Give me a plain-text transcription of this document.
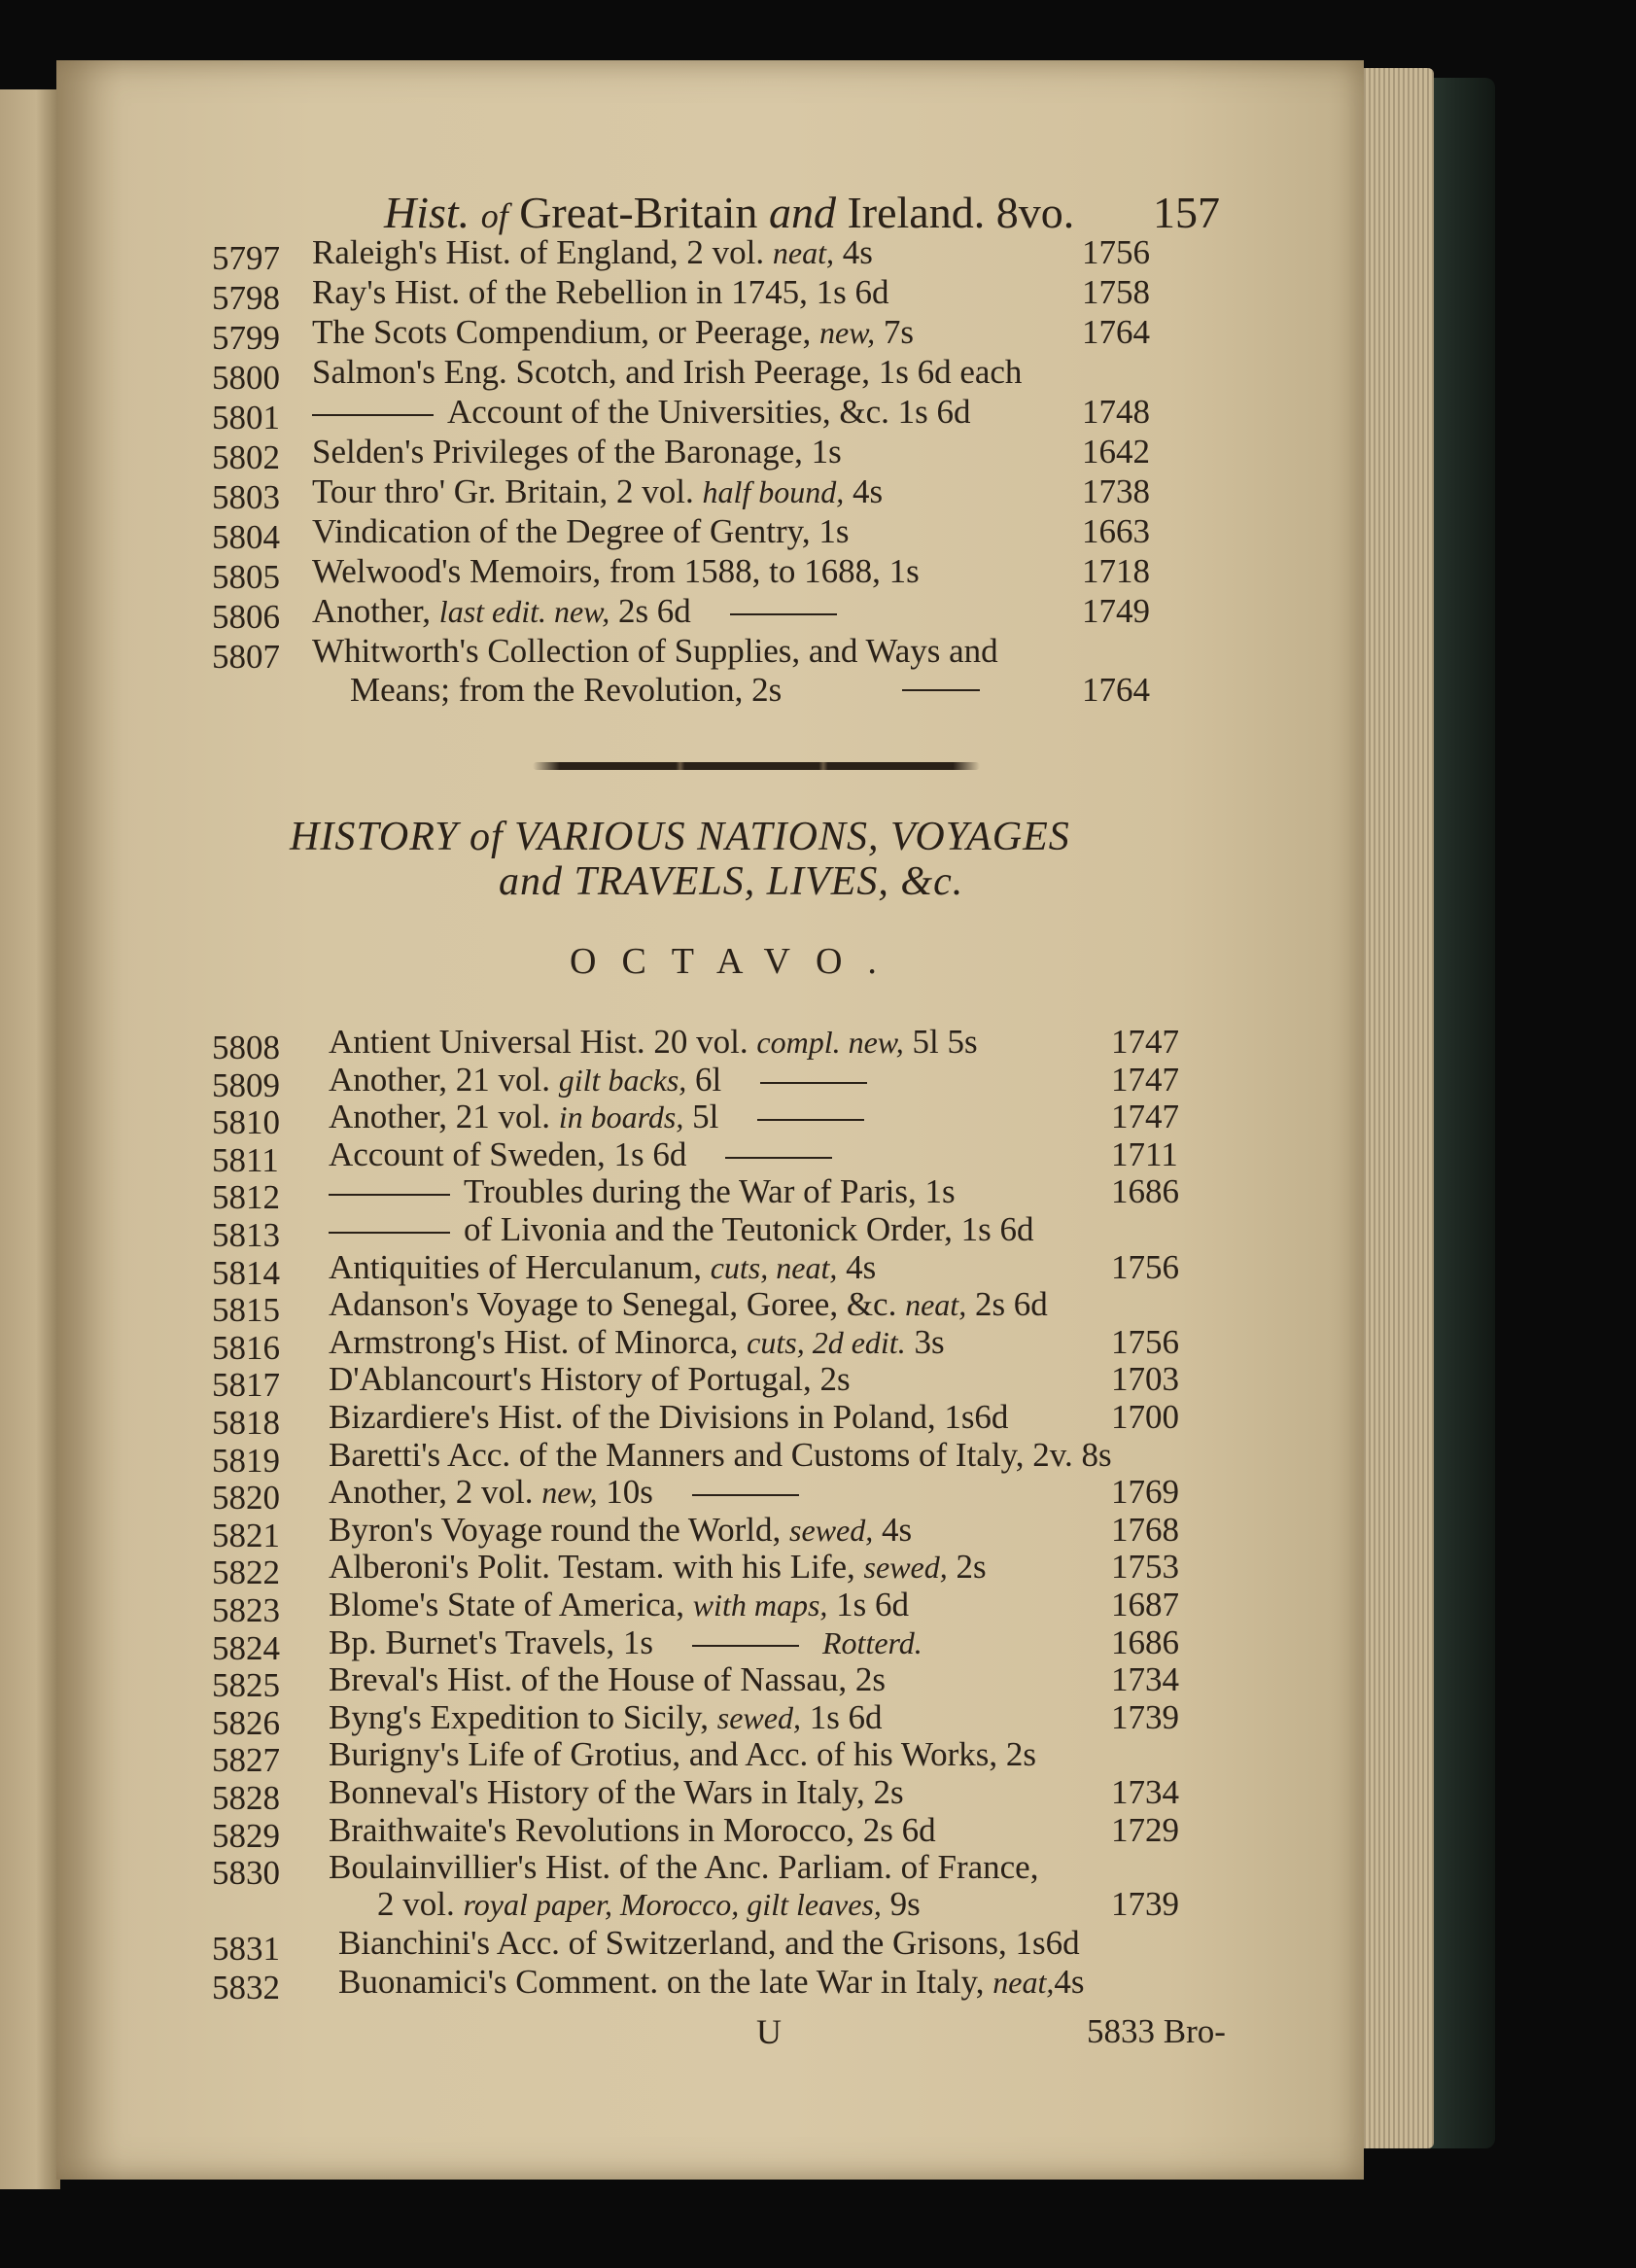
Hist. of Great-Britain and Ireland. 8vo. 157
5797 Raleigh's Hist. of England, 2 vol. neat, 4s	1756
5798 Ray's Hist. of the Rebellion in 1745, 1s 6d	1758
5799 The Scots Compendium, or Peerage, new, 7s	1764
5800 Salmon's Eng. Scotch, and Irish Peerage, 1s 6d each
5801	Account of the Universities, &c. 1s 6d	1748
5802 Selden's Privileges of the Baronage, 1s	1642
5803 Tour thro' Gr. Britain, 2 vol. half bound, 4s	1738
5804 Vindication of the Degree of Gentry, 1s	1663
5805 Welwood's Memoirs, from 1588, to 1688, 1s	1718
5806 Another, last edit. new, 2s 6d	1749
5807 Whitworth's Collection of Supplies, and Ways and
Means; from the Revolution, 2s	1764
HISTORY of VARIOUS NATIONS, VOYAGES
and TRAVELS, LIVES, &c.
OCTAVO.
5808 Antient Universal Hist. 20 vol. compl. new, 5l 5s	1747
5809 Another, 21 vol. gilt backs, 6l	1747
5810 Another, 21 vol. in boards, 5l	1747
5811 Account of Sweden, 1s 6d	1711
5812	Troubles during the War of Paris, 1s	1686
5813	of Livonia and the Teutonick Order, 1s 6d
5814 Antiquities of Herculanum, cuts, neat, 4s	1756
5815 Adanson's Voyage to Senegal, Goree, &c. neat, 2s 6d
5816 Armstrong's Hist. of Minorca, cuts, 2d edit. 3s	1756
5817 D'Ablancourt's History of Portugal, 2s	1703
5818 Bizardiere's Hist. of the Divisions in Poland, 1s6d	1700
5819 Baretti's Acc. of the Manners and Customs of Italy, 2v. 8s
5820 Another, 2 vol. new, 10s	1769
5821 Byron's Voyage round the World, sewed, 4s	1768
5822 Alberoni's Polit. Testam. with his Life, sewed, 2s	1753
5823 Blome's State of America, with maps, 1s 6d	1687
5824 Bp. Burnet's Travels, 1s	Rotterd.	1686
5825 Breval's Hist. of the House of Nassau, 2s	1734
5826 Byng's Expedition to Sicily, sewed, 1s 6d	1739
5827 Burigny's Life of Grotius, and Acc. of his Works, 2s
5828 Bonneval's History of the Wars in Italy, 2s	1734
5829 Braithwaite's Revolutions in Morocco, 2s 6d	1729
5830 Boulainvillier's Hist. of the Anc. Parliam. of France,
2 vol. royal paper, Morocco, gilt leaves, 9s	1739
5831 Bianchini's Acc. of Switzerland, and the Grisons, 1s6d
5832 Buonamici's Comment. on the late War in Italy, neat,4s
U	5833 Bro-
